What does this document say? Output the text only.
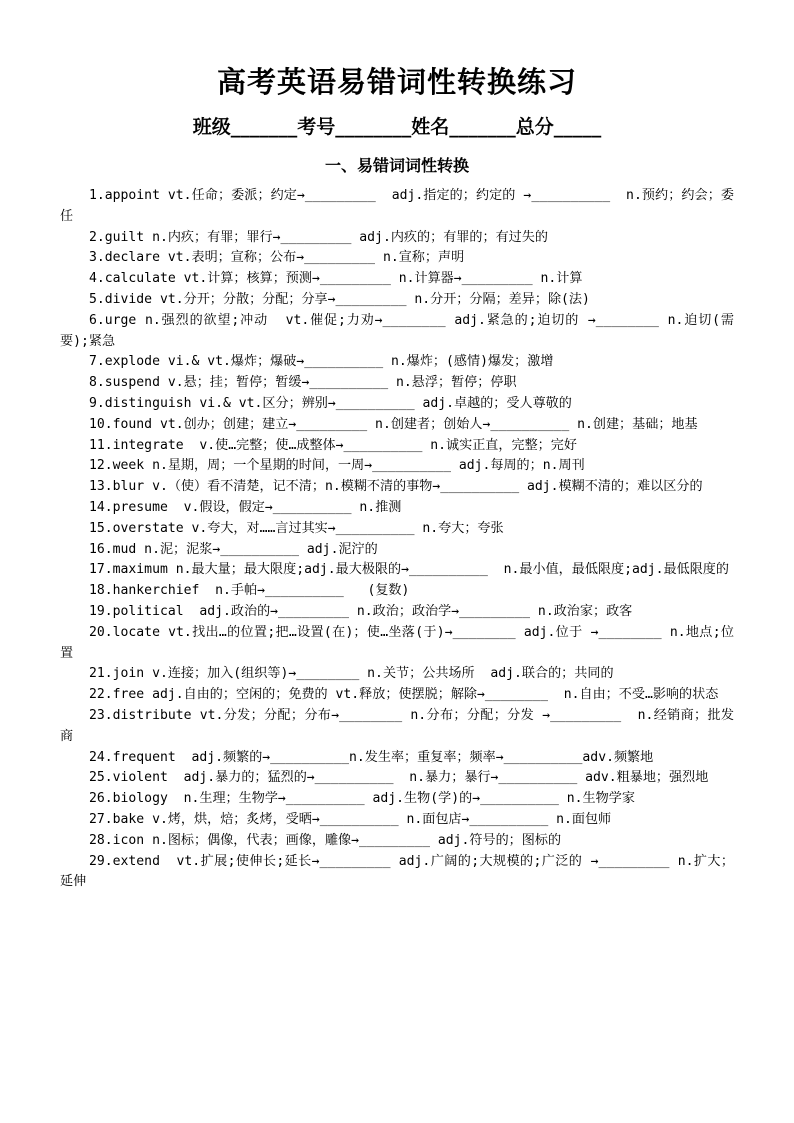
高考英语易错词性转换练习
班级_______考号________姓名_______总分_____
一、易错词词性转换

1.appoint vt.任命；委派；约定→_________  adj.指定的；约定的 →__________  n.预约；约会；委任

2.guilt n.内疚；有罪；罪行→_________ adj.内疚的；有罪的；有过失的

3.declare vt.表明；宣称；公布→_________ n.宣称；声明

4.calculate vt.计算；核算；预测→_________ n.计算器→_________ n.计算

5.divide vt.分开；分散；分配；分享→_________ n.分开；分隔；差异；除(法)

6.urge n.强烈的欲望;冲动  vt.催促;力劝→________ adj.紧急的;迫切的 →________ n.迫切(需要);紧急

7.explode vi.& vt.爆炸；爆破→__________ n.爆炸；(感情)爆发；激增

8.suspend v.悬；挂；暂停；暂缓→__________ n.悬浮；暂停；停职

9.distinguish vi.& vt.区分；辨别→__________ adj.卓越的；受人尊敬的

10.found vt.创办；创建；建立→_________ n.创建者；创始人→__________ n.创建；基础；地基

11.integrate  v.使…完整；使…成整体→__________ n.诚实正直，完整；完好

12.week n.星期，周；一个星期的时间，一周→__________ adj.每周的；n.周刊

13.blur v.（使）看不清楚，记不清；n.模糊不清的事物→__________ adj.模糊不清的；难以区分的

14.presume  v.假设，假定→__________ n.推测

15.overstate v.夸大，对……言过其实→__________ n.夸大；夸张

16.mud n.泥；泥浆→__________ adj.泥泞的

17.maximum n.最大量；最大限度;adj.最大极限的→__________  n.最小值，最低限度;adj.最低限度的

18.hankerchief  n.手帕→__________   (复数)

19.political  adj.政治的→_________ n.政治；政治学→_________ n.政治家；政客

20.locate vt.找出…的位置;把…设置(在)；使…坐落(于)→________ adj.位于 →________ n.地点;位置

21.join v.连接；加入(组织等)→________ n.关节；公共场所  adj.联合的；共同的

22.free adj.自由的；空闲的；免费的 vt.释放；使摆脱；解除→________  n.自由；不受…影响的状态

23.distribute vt.分发；分配；分布→________ n.分布；分配；分发 →_________  n.经销商；批发商

24.frequent  adj.频繁的→__________n.发生率；重复率；频率→__________adv.频繁地

25.violent  adj.暴力的；猛烈的→__________  n.暴力；暴行→__________ adv.粗暴地；强烈地

26.biology  n.生理；生物学→__________ adj.生物(学)的→__________ n.生物学家

27.bake v.烤，烘，焙；炙烤，受晒→__________ n.面包店→__________ n.面包师

28.icon n.图标；偶像，代表；画像，雕像→_________ adj.符号的；图标的

29.extend  vt.扩展;使伸长;延长→_________ adj.广阔的;大规模的;广泛的 →_________ n.扩大；延伸
